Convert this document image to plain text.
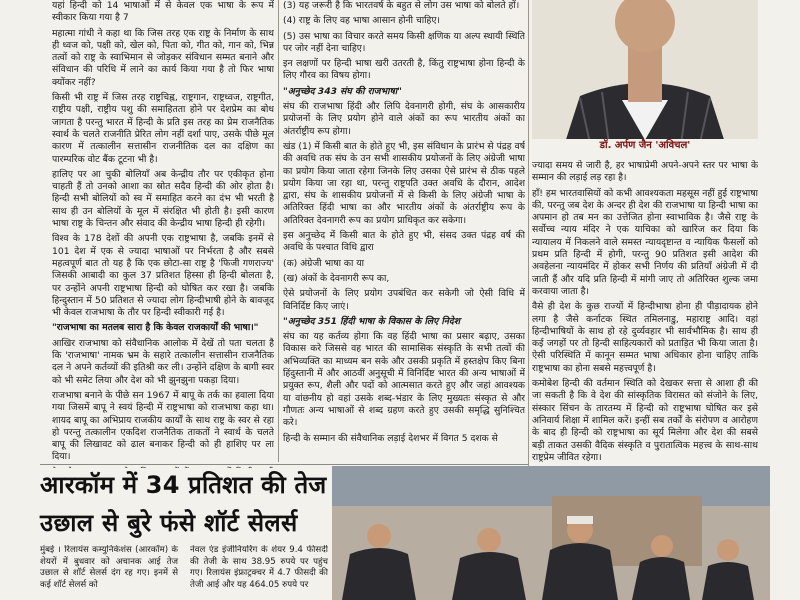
यहां हिन्दी को 14 भाषाओं में से केवल एक भाषा के रूप में स्वीकार किया गया है 7

महात्मा गांधी ने कहा था कि जिस तरह एक राष्ट्र के निर्माण के साथ ही ध्वज को, पक्षी को, खेल को, पिता को, गीत को, गान को, भिन्न तत्वों को राष्ट्र के स्वाभिमान से जोड़कर संविधान सम्मत बनाने और संविधान की परिधि में लाने का कार्य किया गया है तो फिर भाषा क्योंकर नहीं?

किसी भी राष्ट्र में जिस तरह राष्ट्रचिह्न, राष्ट्रगान, राष्ट्रध्वज, राष्ट्रगीत, राष्ट्रीय पक्षी, राष्ट्रीय पशु की समाहितता होने पर देशप्रेम का बोध जागता है परन्तु भारत में हिन्दी के प्रति इस तरह का प्रेम राजनैतिक स्वार्थ के चलते राजनीति प्रेरित लोग नहीं दर्शा पाए, उसके पीछे मूल कारण में तत्कालीन सत्तासीन राजनीतिक दल का दक्षिण का पारम्परिक वोट बैंक टूटना भी है।

हालिए पर आ चुकी बोलियाँ अब केन्द्रीय तौर पर एकीकृत होना चाहती हैं तो उनको आशा का स्रोत सदैव हिन्दी की ओर होता है। हिन्दी सभी बोलियों को स्व में समाहित करने का दंभ भी भरती है साथ ही उन बोलियों के मूल में संरक्षित भी होती है। इसी कारण भाषा राष्ट्र के चिन्तन और संवाद की केन्द्रीय भाषा हिन्दी ही रहेगी।

विश्व के 178 देशों की अपनी एक राष्ट्रभाषा है, जबकि इनमें से 101 देश में एक से ज्यादा भाषाओं पर निर्भरता है और सबसे महत्वपूर्ण बात तो यह है कि एक छोटा-सा राष्ट्र है 'फिजी गणराज्य' जिसकी आबादी का कुल 37 प्रतिशत हिस्सा ही हिन्दी बोलता है, पर उन्होंने अपनी राष्ट्रभाषा हिन्दी को घोषित कर रखा है। जबकि हिन्दुस्तान में 50 प्रतिशत से ज्यादा लोग हिन्दीभाषी होने के बावजूद भी केवल राजभाषा के तौर पर हिन्दी स्वीकारी गई है।

"राजभाषा का मतलब सारा है कि केवल राजकार्यों की भाषा।"

आखिर राजभाषा को संवैधानिक आलोक में देखें तो पता चलता है कि 'राजभाषा' नामक भ्रम के सहारे तत्कालीन सत्तासीन राजनैतिक दल ने अपने कर्तव्यों की इतिश्री कर ली। उन्होंने दक्षिण के बागी स्वर को भी समेट लिया और देश को भी झुनझुना पकड़ा दिया।

राजभाषा बनाने के पीछे सन 1967 में बापू के तर्क का हवाला दिया गया जिसमें बापू ने स्वयं हिन्दी में राष्ट्रभाषा को राजभाषा कहा था। शायद बापू का अभिप्राय राजकीय कार्यों के साथ राष्ट्र के स्वर से रहा हो परन्तु तत्कालीन एकदिश राजनैतिक ताकतों ने स्वार्थ के चलते बापू की लिखावट को ढाल बनाकर हिन्दी को ही हाशिए पर ला दिया।

(3) यह जरूरी है कि भारतवर्ष के बहुत से लोग उस भाषा को बोलते हों।

(4) राष्ट्र के लिए वह भाषा आसान होनी चाहिए।

(5) उस भाषा का विचार करते समय किसी क्षणिक या अल्प स्थायी स्थिति पर जोर नहीं देना चाहिए।

इन लक्षणों पर हिन्दी भाषा खरी उतरती है, किंतु राष्ट्रभाषा होना हिन्दी के लिए गौरव का विषय होगा।

"अनुच्छेद 343 संघ की राजभाषा"

संघ की राजभाषा हिंदी और लिपि देवनागरी होगी, संघ के आसकारीय प्रयोजनों के लिए प्रयोग होने वाले अंकों का रूप भारतीय अंकों का अंतर्राष्ट्रीय रूप होगा।

खंड (1) में किसी बात के होते हुए भी, इस संविधान के प्रारंभ से पंद्रह वर्ष की अवधि तक संघ के उन सभी शासकीय प्रयोजनों के लिए अंग्रेजी भाषा का प्रयोग किया जाता रहेगा जिनके लिए उसका ऐसे प्रारंभ से ठीक पहले प्रयोग किया जा रहा था, परन्तु राष्ट्रपति उक्त अवधि के दौरान, आदेश द्वारा, संघ के शासकीय प्रयोजनों में से किसी के लिए अंग्रेजी भाषा के अतिरिक्त हिंदी भाषा का और भारतीय अंकों के अंतर्राष्ट्रीय रूप के अतिरिक्त देवनागरी रूप का प्रयोग प्राधिकृत कर सकेगा।

इस अनुच्छेद में किसी बात के होते हुए भी, संसद उक्त पंद्रह वर्ष की अवधि के पश्चात विधि द्वारा

(क) अंग्रेजी भाषा का या

(ख) अंकों के देवनागरी रूप का,

ऐसे प्रयोजनों के लिए प्रयोग उपबंधित कर सकेगी जो ऐसी विधि में विनिर्दिष्ट किए जाएं।

"अनुच्छेद 351 हिंदी भाषा के विकास के लिए निदेश

संघ का यह कर्तव्य होगा कि वह हिंदी भाषा का प्रसार बढ़ाए, उसका विकास करे जिससे वह भारत की सामासिक संस्कृति के सभी तत्वों की अभिव्यक्ति का माध्यम बन सके और उसकी प्रकृति में हस्तक्षेप किए बिना हिंदुस्तानी में और आठवीं अनुसूची में विनिर्दिष्ट भारत की अन्य भाषाओं में प्रयुक्त रूप, शैली और पदों को आत्मसात करते हुए और जहां आवश्यक या वांछनीय हो वहां उसके शब्द-भंडार के लिए मुख्यतः संस्कृत से और गौणतः अन्य भाषाओं से शब्द ग्रहण करते हुए उसकी समृद्धि सुनिश्चित करे।

हिन्दी के सम्मान की संवैधानिक लड़ाई देशभर में विगत 5 दशक से

डॉ. अर्पण जैन 'अविचल'

ज्यादा समय से जारी है, हर भाषाप्रेमी अपने-अपने स्तर पर भाषा के सम्मान की लड़ाई लड़ रहा है।

हाँ! हम भारतवासियों को कभी आवश्यकता महसूस नहीं हुई राष्ट्रभाषा की, परन्तु जब देश के अन्दर ही देश की राजभाषा या हिन्दी भाषा का अपमान हो तब मन का उत्तेजित होना स्वाभाविक है। जैसे राष्ट्र के सर्वोच्च न्याय मंदिर ने एक याचिका को खारिज कर दिया कि न्यायालय में निकलने वाले समस्त न्यायदृष्टान्त व न्यायिक फैसलों को प्रथम प्रति हिन्दी में होगी, परन्तु 90 प्रतिशत इसी आदेश की अवहेलना न्यायमंदिर में होकर सभी निर्णय की प्रतियाँ अंग्रेजी में दी जाती हैं और यदि प्रति हिन्दी में मांगी जाए तो अतिरिक्त शुल्क जमा करवाया जाता है।

वैसे ही देश के कुछ राज्यों में हिन्दीभाषा होना ही पीड़ादायक होने लगा है जैसे कर्नाटक स्थित तमिलनाडु, महाराष्ट्र आदि। वहां हिन्दीभाषियों के साथ हो रहे दुर्व्यवहार भी सार्वभौमिक है। साथ ही कई जगहों पर तो हिन्दी साहित्यकारों को प्रताड़ित भी किया जाता है। ऐसी परिस्थिति में कानून सम्मत भाषा अधिकार होना चाहिए ताकि राष्ट्रभाषा का होना सबसे महत्त्वपूर्ण है।

कमोबेश हिन्दी की वर्तमान स्थिति को देखकर सत्ता से आशा ही की जा सकती है कि वे देश की सांस्कृतिक विरासत को संजोने के लिए, संस्कार सिंचन के तारतम्य में हिन्दी को राष्ट्रभाषा घोषित कर इसे अनिवार्य शिक्षा में शामिल करें। इन्हीं सब तर्कों के संरोपण व आरोहण के बाद ही हिन्दी को राष्ट्रभाषा का सूर्य मिलेगा और देश की सबसे बड़ी ताकत उसकी वैदिक संस्कृति व पुरातात्विक महत्त्व के साथ-साथ राष्ट्रप्रेम जीवित रहेगा।

आरकॉम में 34 प्रतिशत की तेज
उछाल से बुरे फंसे शॉर्ट सेलर्स
मुंबई । रिलायंस कम्युनिकेशंस (आरकॉम) के शेयरों में बुधवार को अचानक आई तेज उछाल से शॉर्ट सेलर्स दंग रह गए। इनमें से कई शॉर्ट सेलर्स को
नेवल एंड इंजीनियरिंग के शेयर 9.4 फीसदी की तेजी के साथ 38.95 रुपये पर पहुंच गए। रिलायंस इंफ्राट्रक्चर में 4.7 फीसदी की तेजी आई और यह 464.05 रुपये पर
